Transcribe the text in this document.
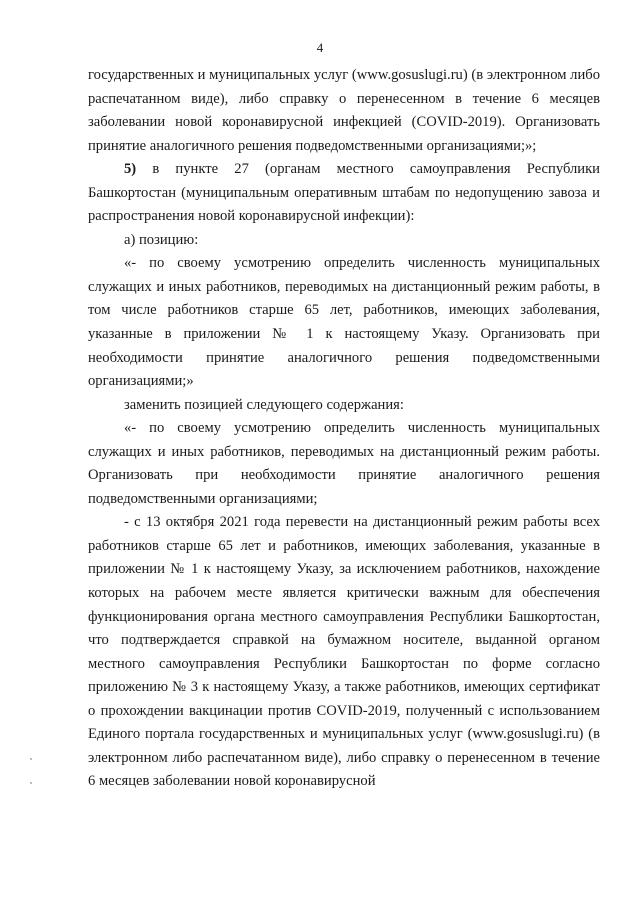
4

государственных и муниципальных услуг (www.gosuslugi.ru) (в электронном либо распечатанном виде), либо справку о перенесенном в течение 6 месяцев заболевании новой коронавирусной инфекцией (COVID-2019). Организовать принятие аналогичного решения подведомственными организациями;»;

5) в пункте 27 (органам местного самоуправления Республики Башкортостан (муниципальным оперативным штабам по недопущению завоза и распространения новой коронавирусной инфекции):

а) позицию:

«- по своему усмотрению определить численность муниципальных служащих и иных работников, переводимых на дистанционный режим работы, в том числе работников старше 65 лет, работников, имеющих заболевания, указанные в приложении № 1 к настоящему Указу. Организовать при необходимости принятие аналогичного решения подведомственными организациями;»

заменить позицией следующего содержания:

«- по своему усмотрению определить численность муниципальных служащих и иных работников, переводимых на дистанционный режим работы. Организовать при необходимости принятие аналогичного решения подведомственными организациями;

- с 13 октября 2021 года перевести на дистанционный режим работы всех работников старше 65 лет и работников, имеющих заболевания, указанные в приложении № 1 к настоящему Указу, за исключением работников, нахождение которых на рабочем месте является критически важным для обеспечения функционирования органа местного самоуправления Республики Башкортостан, что подтверждается справкой на бумажном носителе, выданной органом местного самоуправления Республики Башкортостан по форме согласно приложению № 3 к настоящему Указу, а также работников, имеющих сертификат о прохождении вакцинации против COVID-2019, полученный с использованием Единого портала государственных и муниципальных услуг (www.gosuslugi.ru) (в электронном либо распечатанном виде), либо справку о перенесенном в течение 6 месяцев заболевании новой коронавирусной
